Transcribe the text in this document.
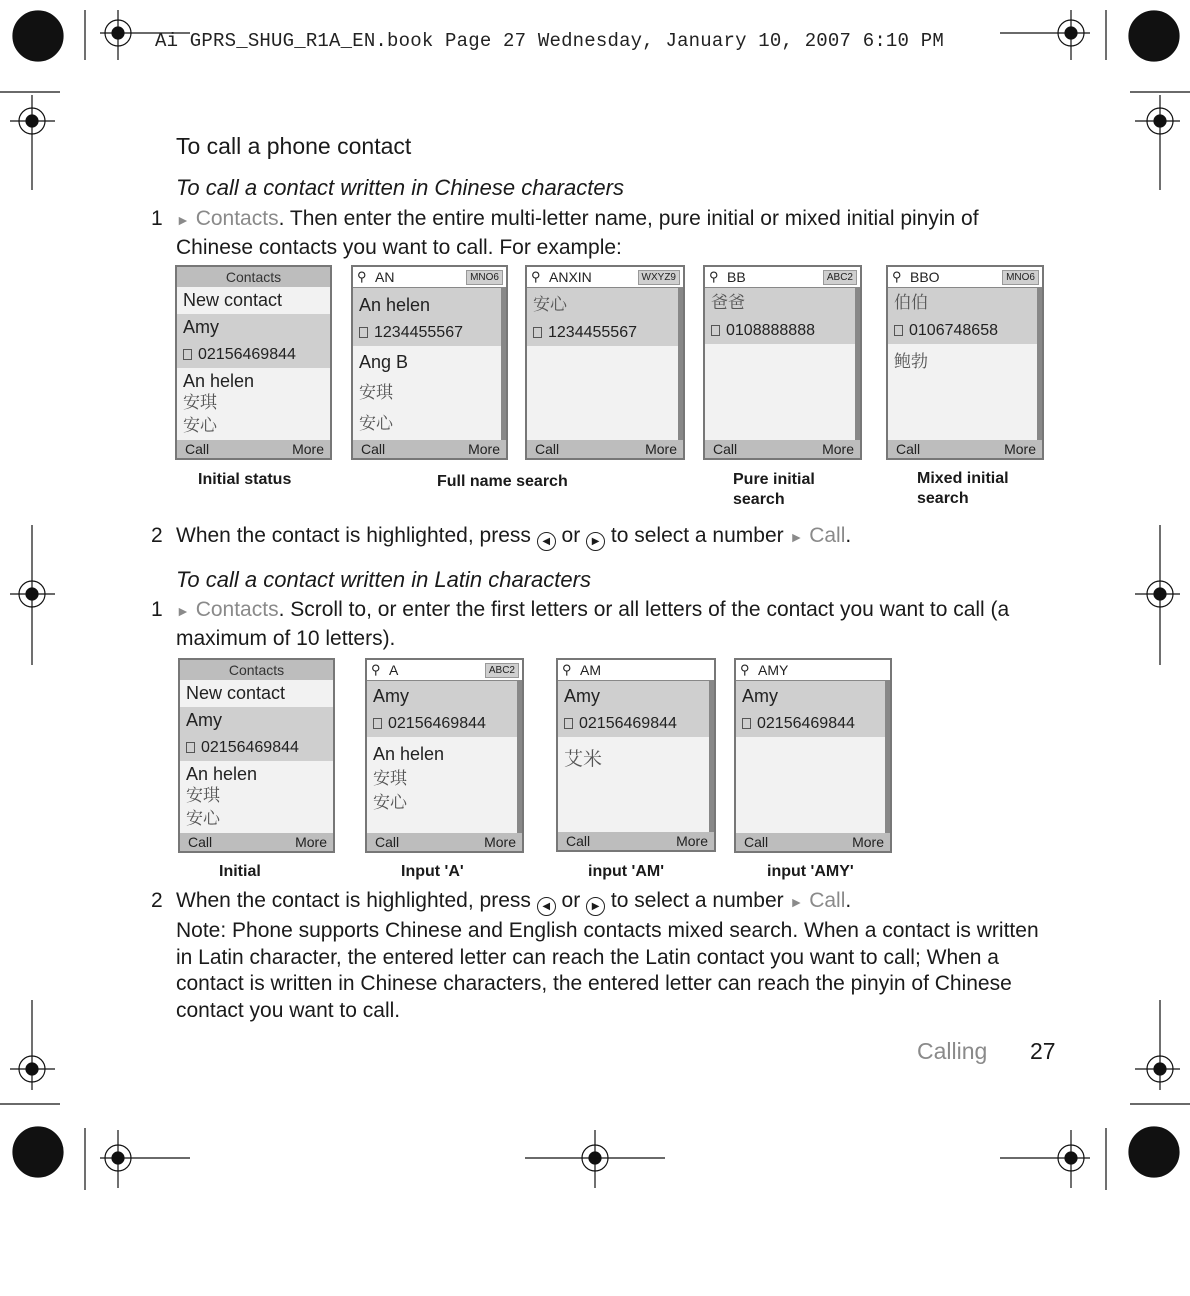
Ai GPRS_SHUG_R1A_EN.book Page 27 Wednesday, January 10, 2007 6:10 PM
To call a phone contact
To call a contact written in Chinese characters
1 ► Contacts. Then enter the entire multi-letter name, pure initial or mixed initial pinyin of Chinese contacts you want to call. For example:
Contacts
New contact
Amy
02156469844
An helen
安琪
安心
Call	More
⚲ AN	MNO6
An helen
1234455567
Ang B
安琪
安心
Call	More
⚲ ANXIN	WXYZ9
安心
1234455567
Call	More
⚲ BB	ABC2
爸爸
0108888888
Call	More
⚲ BBO	MNO6
伯伯
0106748658
鲍勃
Call	More
Initial status	Full name search	Pure initial search
Mixed initial search
2 When the contact is highlighted, press ◀ or ▶ to select a number ► Call.
To call a contact written in Latin characters
1 ► Contacts. Scroll to, or enter the first letters or all letters of the contact you want to call (a maximum of 10 letters).
Contacts
New contact
Amy
02156469844
An helen
安琪
安心
Call	More
⚲ A	ABC2
Amy
02156469844
An helen
安琪
安心
Call	More
⚲ AM
Amy
02156469844
艾米
Call	More
⚲ AMY
Amy
02156469844
Call	More
Initial	Input 'A'	input 'AM'	input 'AMY'
2 When the contact is highlighted, press ◀ or ▶ to select a number ► Call.
Note: Phone supports Chinese and English contacts mixed search. When a contact is written in Latin character, the entered letter can reach the Latin contact you want to call; When a contact is written in Chinese characters, the entered letter can reach the pinyin of Chinese contact you want to call.
Calling 27
